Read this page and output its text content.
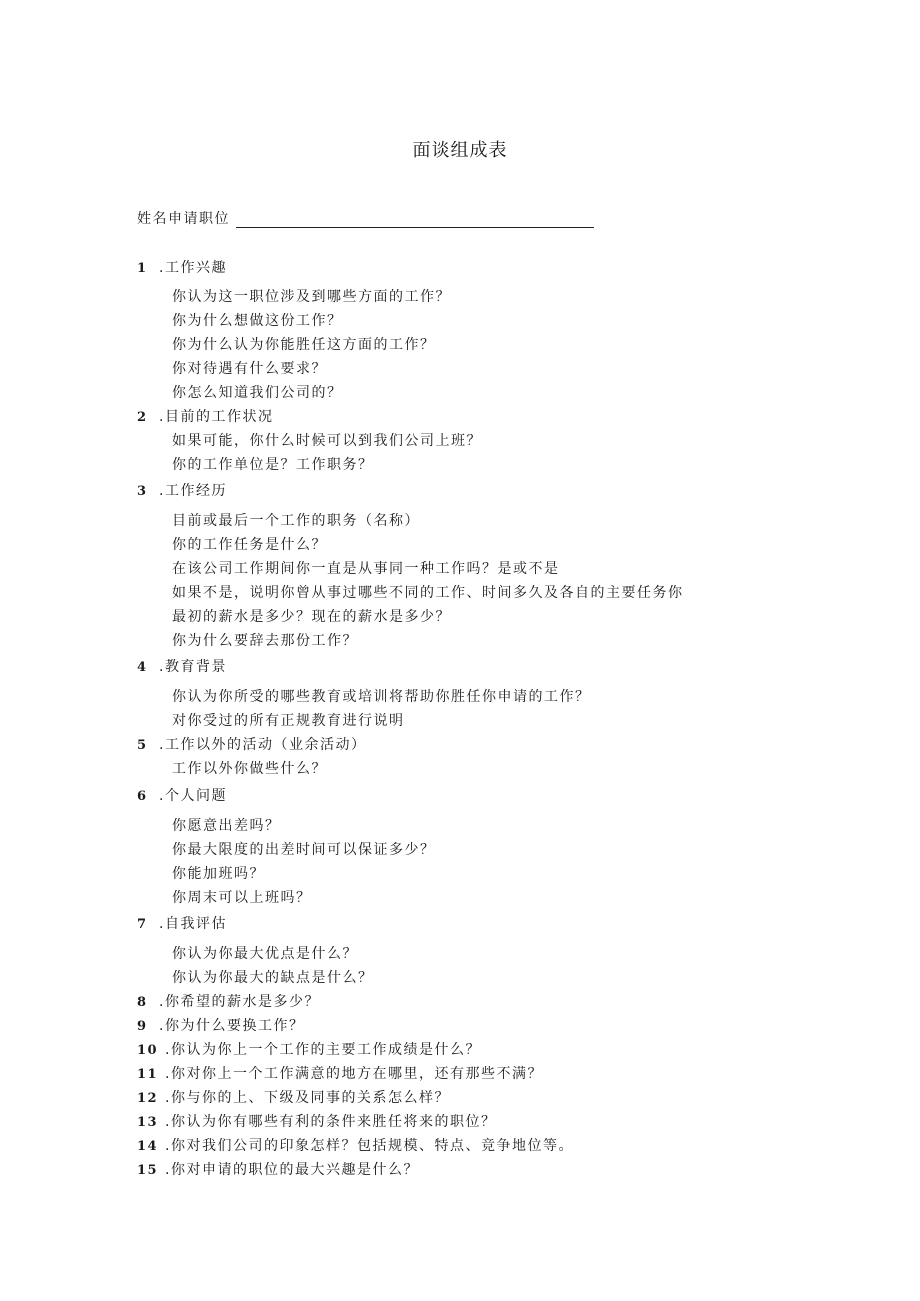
面谈组成表
姓名申请职位
1 .工作兴趣
你认为这一职位涉及到哪些方面的工作？
你为什么想做这份工作？
你为什么认为你能胜任这方面的工作？
你对待遇有什么要求？
你怎么知道我们公司的？
2 .目前的工作状况
如果可能，你什么时候可以到我们公司上班？
你的工作单位是？工作职务？
3 .工作经历
目前或最后一个工作的职务（名称）
你的工作任务是什么？
在该公司工作期间你一直是从事同一种工作吗？是或不是
如果不是，说明你曾从事过哪些不同的工作、时间多久及各自的主要任务你
最初的薪水是多少？现在的薪水是多少？
你为什么要辞去那份工作？
4 .教育背景
你认为你所受的哪些教育或培训将帮助你胜任你申请的工作？
对你受过的所有正规教育进行说明
5 .工作以外的活动（业余活动）
工作以外你做些什么？
6 .个人问题
你愿意出差吗？
你最大限度的出差时间可以保证多少？
你能加班吗？
你周末可以上班吗？
7 .自我评估
你认为你最大优点是什么？
你认为你最大的缺点是什么？
8 .你希望的薪水是多少？
9 .你为什么要换工作？
10 .你认为你上一个工作的主要工作成绩是什么？
11 .你对你上一个工作满意的地方在哪里，还有那些不满？
12 .你与你的上、下级及同事的关系怎么样？
13 .你认为你有哪些有利的条件来胜任将来的职位？
14 .你对我们公司的印象怎样？包括规模、特点、竞争地位等。
15 .你对申请的职位的最大兴趣是什么？
